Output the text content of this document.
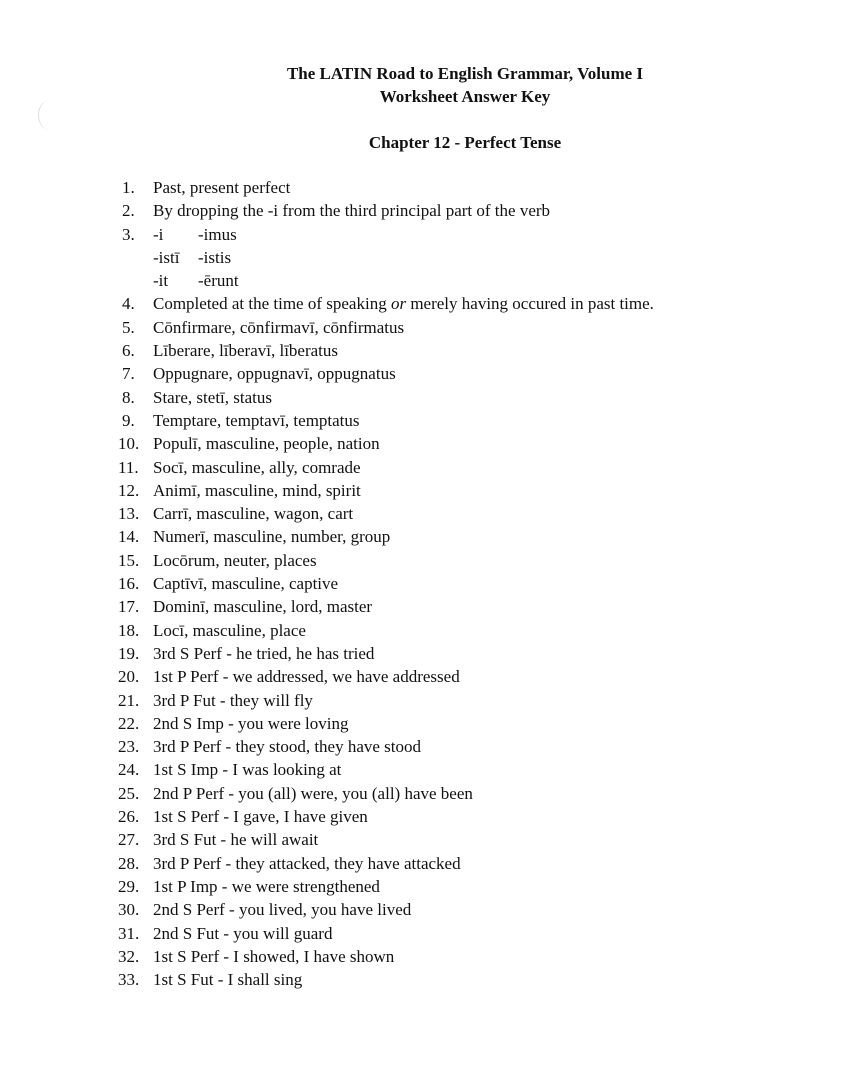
The LATIN Road to English Grammar, Volume I
Worksheet Answer Key
Chapter 12 - Perfect Tense
1. Past, present perfect
2. By dropping the -i from the third principal part of the verb
3. -i -imus
-istī -istis
-it -ērunt
4. Completed at the time of speaking or merely having occured in past time.
5. Cōnfirmare, cōnfirmavī, cōnfirmatus
6. Līberare, līberavī, līberatus
7. Oppugnare, oppugnavī, oppugnatus
8. Stare, stetī, status
9. Temptare, temptavī, temptatus
10. Populī, masculine, people, nation
11. Socī, masculine, ally, comrade
12. Animī, masculine, mind, spirit
13. Carrī, masculine, wagon, cart
14. Numerī, masculine, number, group
15. Locōrum, neuter, places
16. Captīvī, masculine, captive
17. Dominī, masculine, lord, master
18. Locī, masculine, place
19. 3rd S Perf - he tried, he has tried
20. 1st P Perf - we addressed, we have addressed
21. 3rd P Fut - they will fly
22. 2nd S Imp - you were loving
23. 3rd P Perf - they stood, they have stood
24. 1st S Imp - I was looking at
25. 2nd P Perf - you (all) were, you (all) have been
26. 1st S Perf - I gave, I have given
27. 3rd S Fut - he will await
28. 3rd P Perf - they attacked, they have attacked
29. 1st P Imp - we were strengthened
30. 2nd S Perf - you lived, you have lived
31. 2nd S Fut - you will guard
32. 1st S Perf - I showed, I have shown
33. 1st S Fut - I shall sing
